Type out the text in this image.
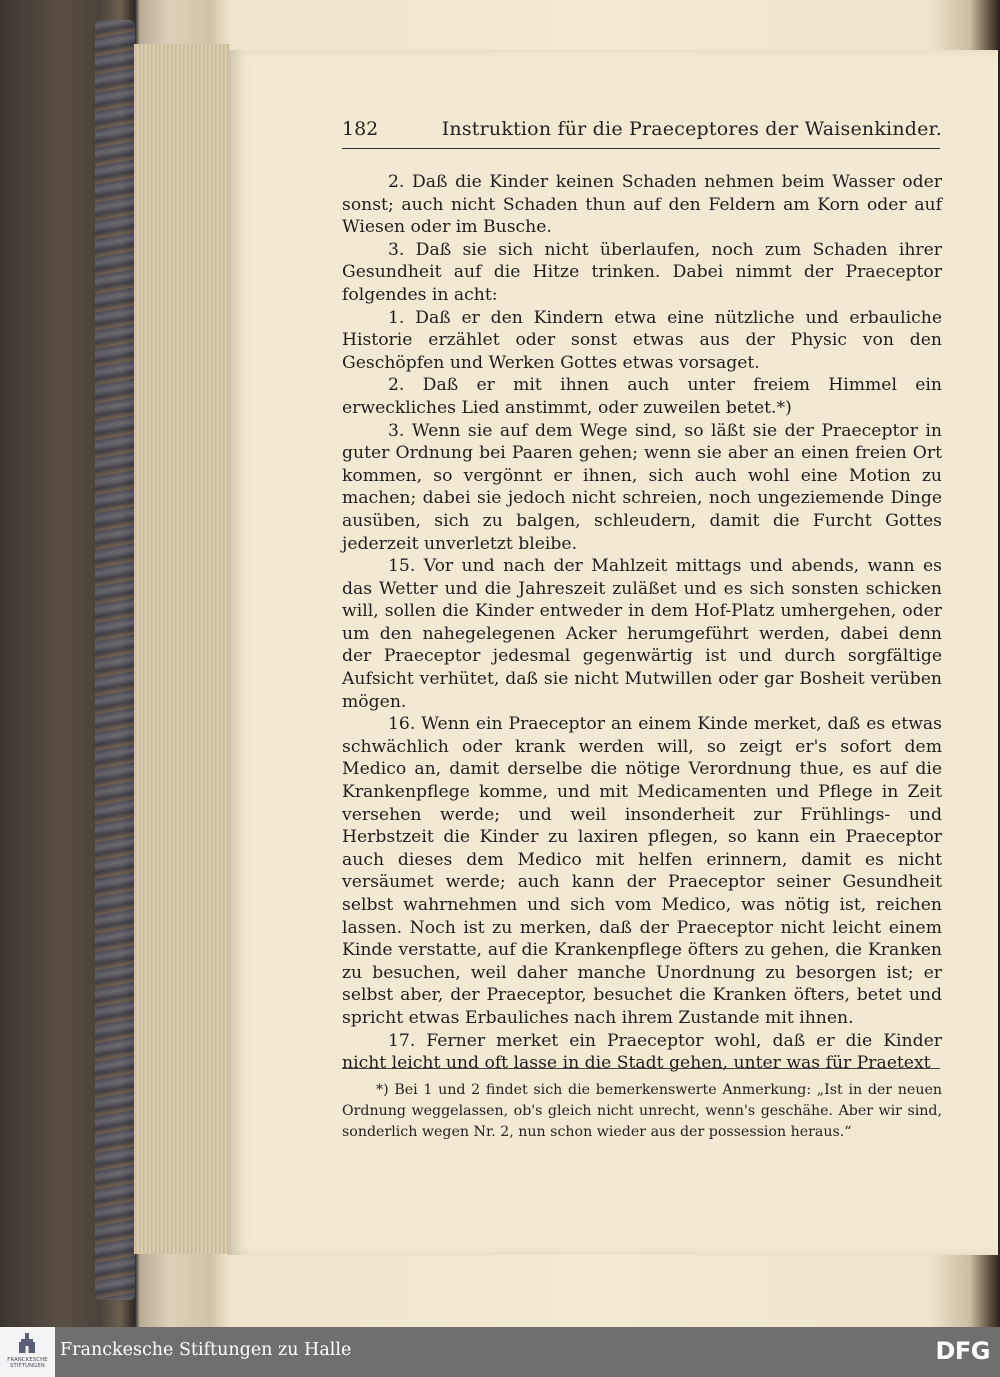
182	Instruktion für die Praeceptores der Waisenkinder.

2. Daß die Kinder keinen Schaden nehmen beim Wasser oder sonst; auch nicht Schaden thun auf den Feldern am Korn oder auf Wiesen oder im Busche.

3. Daß sie sich nicht überlaufen, noch zum Schaden ihrer Gesundheit auf die Hitze trinken. Dabei nimmt der Praeceptor folgendes in acht:

1. Daß er den Kindern etwa eine nützliche und erbauliche Historie erzählet oder sonst etwas aus der Physic von den Geschöpfen und Werken Gottes etwas vorsaget.

2. Daß er mit ihnen auch unter freiem Himmel ein erweckliches Lied anstimmt, oder zuweilen betet.*)

3. Wenn sie auf dem Wege sind, so läßt sie der Praeceptor in guter Ordnung bei Paaren gehen; wenn sie aber an einen freien Ort kommen, so vergönnt er ihnen, sich auch wohl eine Motion zu machen; dabei sie jedoch nicht schreien, noch ungeziemende Dinge ausüben, sich zu balgen, schleudern, damit die Furcht Gottes jederzeit unverletzt bleibe.

15. Vor und nach der Mahlzeit mittags und abends, wann es das Wetter und die Jahreszeit zuläßet und es sich sonsten schicken will, sollen die Kinder entweder in dem Hof-Platz umhergehen, oder um den nahegelegenen Acker herumgeführt werden, dabei denn der Praeceptor jedesmal gegenwärtig ist und durch sorgfältige Aufsicht verhütet, daß sie nicht Mutwillen oder gar Bosheit verüben mögen.

16. Wenn ein Praeceptor an einem Kinde merket, daß es etwas schwächlich oder krank werden will, so zeigt er's sofort dem Medico an, damit derselbe die nötige Verordnung thue, es auf die Krankenpflege komme, und mit Medicamenten und Pflege in Zeit versehen werde; und weil insonderheit zur Frühlings- und Herbstzeit die Kinder zu laxiren pflegen, so kann ein Praeceptor auch dieses dem Medico mit helfen erinnern, damit es nicht versäumet werde; auch kann der Praeceptor seiner Gesundheit selbst wahrnehmen und sich vom Medico, was nötig ist, reichen lassen. Noch ist zu merken, daß der Praeceptor nicht leicht einem Kinde verstatte, auf die Krankenpflege öfters zu gehen, die Kranken zu besuchen, weil daher manche Unordnung zu besorgen ist; er selbst aber, der Praeceptor, besuchet die Kranken öfters, betet und spricht etwas Erbauliches nach ihrem Zustande mit ihnen.

17. Ferner merket ein Praeceptor wohl, daß er die Kinder nicht leicht und oft lasse in die Stadt gehen, unter was für Praetext

*) Bei 1 und 2 findet sich die bemerkenswerte Anmerkung: „Ist in der neuen Ordnung weggelassen, ob's gleich nicht unrecht, wenn's geschähe. Aber wir sind, sonderlich wegen Nr. 2, nun schon wieder aus der possession heraus.“

FRANCKESCHE
STIFTUNGEN
Franckesche Stiftungen zu Halle	DFG
